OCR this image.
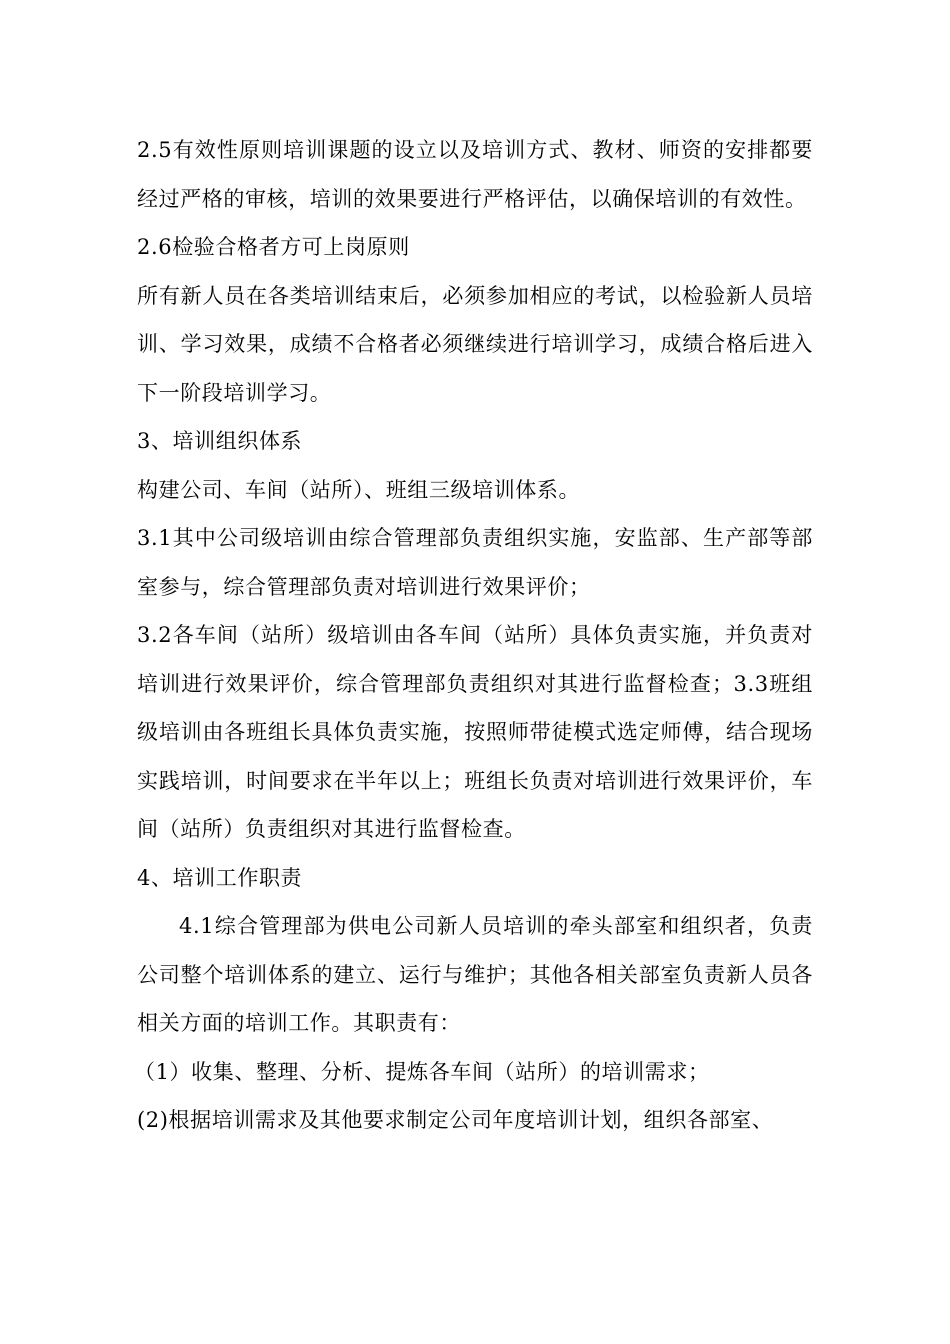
2.5有效性原则培训课题的设立以及培训方式、教材、师资的安排都要经过严格的审核，培训的效果要进行严格评估，以确保培训的有效性。

2.6检验合格者方可上岗原则

所有新人员在各类培训结束后，必须参加相应的考试，以检验新人员培训、学习效果，成绩不合格者必须继续进行培训学习，成绩合格后进入下一阶段培训学习。

3、培训组织体系

构建公司、车间（站所）、班组三级培训体系。

3.1其中公司级培训由综合管理部负责组织实施，安监部、生产部等部室参与，综合管理部负责对培训进行效果评价；

3.2各车间（站所）级培训由各车间（站所）具体负责实施，并负责对培训进行效果评价，综合管理部负责组织对其进行监督检查；3.3班组级培训由各班组长具体负责实施，按照师带徒模式选定师傅，结合现场实践培训，时间要求在半年以上；班组长负责对培训进行效果评价，车间（站所）负责组织对其进行监督检查。

4、培训工作职责

4.1综合管理部为供电公司新人员培训的牵头部室和组织者，负责公司整个培训体系的建立、运行与维护；其他各相关部室负责新人员各相关方面的培训工作。其职责有：

（1）收集、整理、分析、提炼各车间（站所）的培训需求；

(2)根据培训需求及其他要求制定公司年度培训计划，组织各部室、
